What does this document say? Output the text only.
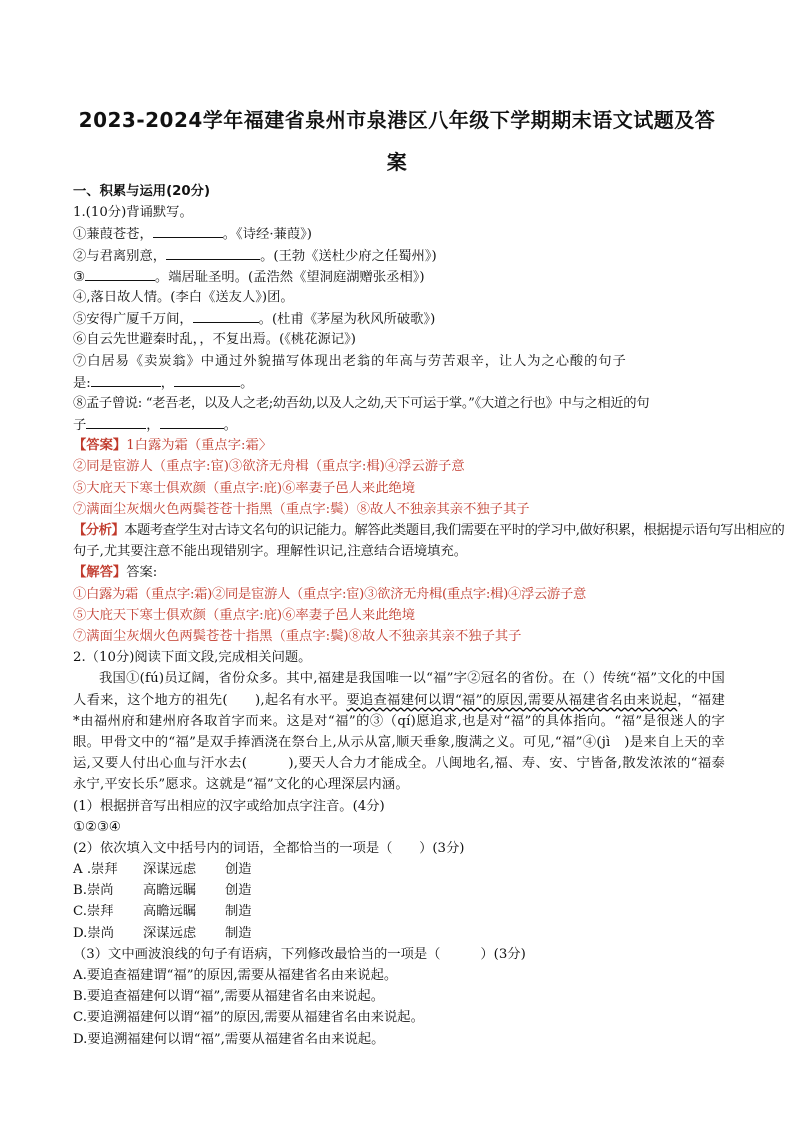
2023-2024学年福建省泉州市泉港区八年级下学期期末语文试题及答
案
一、积累与运用(20分)
1.(10分)背诵默写。
①蒹葭苍苍，	。《诗经·蒹葭》)
②与君离别意，	。(王勃《送杜少府之任蜀州》)
③	。端居耻圣明。(孟浩然《望洞庭湖赠张丞相》)
④,落日故人情。(李白《送友人》)团。
⑤安得广厦千万间，	。(杜甫《茅屋为秋风所破歌》)
⑥自云先世避秦时乱，，不复出焉。(《桃花源记》)
⑦白居易《卖炭翁》中通过外貌描写体现出老翁的年高与劳苦艰辛，让人为之心酸的句子
是:	，	。
⑧孟子曾说: “老吾老，以及人之老;幼吾幼,以及人之幼,天下可运于掌。”《大道之行也》中与之相近的句
子	，	。
【答案】1白露为霜（重点字:霜〉
②同是宦游人（重点字:宦)③欲济无舟楫（重点字:楫)④浮云游子意
⑤大庇天下寒士俱欢颜（重点字:庇)⑥率妻子邑人来此绝境
⑦满面尘灰烟火色两鬓苍苍十指黑（重点字:鬓）⑧故人不独亲其亲不独子其子
【分析】本题考查学生对古诗文名句的识记能力。解答此类题目,我们需要在平时的学习中,做好积累，根据提示语句写出相应的
句子,尤其要注意不能出现错别字。理解性识记,注意结合语境填充。
【解答】答案:
①白露为霜（重点字:霜)②同是宦游人（重点字:宦)③欲济无舟楫(重点字:楫)④浮云游子意
⑤大庇天下寒士俱欢颜（重点字:庇)⑥率妻子邑人来此绝境
⑦满面尘灰烟火色两鬓苍苍十指黑（重点字:鬓)⑧故人不独亲其亲不独子其子
2.（10分)阅读下面文段,完成相关问题。
我国①(fú)员辽阔，省份众多。其中,福建是我国唯一以“福”字②冠名的省份。在（）传统“福”文化的中国人看来，这个地方的祖先(　　),起名有水平。要追查福建何以谓“福”的原因,需要从福建省名由来说起，“福建*由福州府和建州府各取首字而来。这是对“福”的③（qí)愿追求,也是对“福”的具体指向。“福”是很迷人的字眼。甲骨文中的“福”是双手捧酒浇在祭台上,从示从富,顺天垂象,腹满之义。可见,“福”④(jì　)是来自上天的幸运,又要人付出心血与汗水去(　　　),要天人合力才能成全。八闽地名,福、寿、安、宁皆备,散发浓浓的“福泰永宁,平安长乐”愿求。这就是“福”文化的心理深层内涵。
(1）根据拼音写出相应的汉字或给加点字注音。(4分)
①②③④
(2）依次填入文中括号内的词语，全都恰当的一项是（　　）(3分)
A .崇拜 深谋远虑 创造
B.崇尚 高瞻远瞩 创造
C.崇拜 高瞻远瞩 制造
D.崇尚 深谋远虑 制造
（3）文中画波浪线的句子有语病，下列修改最恰当的一项是（　　　）(3分)
A.要追查福建谓“福”的原因,需要从福建省名由来说起。
B.要追查福建何以谓“福”,需要从福建省名由来说起。
C.要追溯福建何以谓“福”的原因,需要从福建省名由来说起。
D.要追溯福建何以谓“福”,需要从福建省名由来说起。
